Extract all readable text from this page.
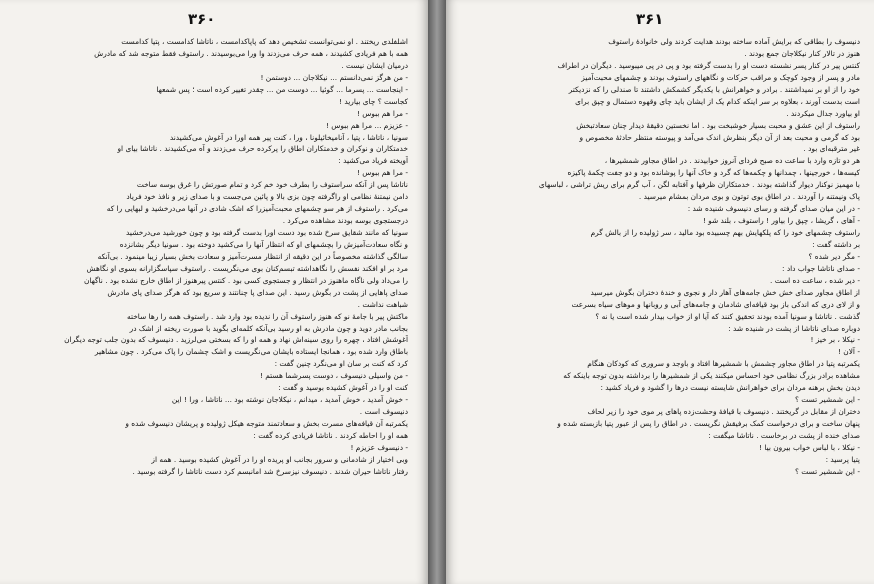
۳۶۰
اشلفلدی ریختند . او نمی‌توانست تشخیص دهد که پاپاکدامست ، ناتاشا کدامست ، پتیا کدامست
همه با هم فریادی کشیدند ، همه حرف می‌زدند وا ورا می‌بوسیدند . راستوف فقط متوجه شد که مادرش
درمیان ایشان نیست .
- من هرگز نمی‌دانستم ... نیکلاجان ... دوستمن !
- اینجاست ... پسرما ... گوئیا ... دوست من ... چقدر تغییر کرده است ؛ پس شمعها
کجاست ؟ چای بیارید !
- مرا هم ببوس !
- عزیزم ... مرا هم ببوس !
سونیا ، ناتاشا ، پتیا ، آنامیخائیلونا ، ورا ، کنت پیر همه اورا در آغوش می‌کشیدند
خدمتکاران و نوکران و خدمتکاران اطاق را پرکرده حرف می‌زدند و آه می‌کشیدند . ناتاشا بیای او
آویخته فریاد می‌کشید :
- مرا هم ببوس !
ناتاشا پس از آنکه سراستوف را بطرف خود خم کرد و تمام صورتش را غرق بوسه ساخت
دامن نیمتنهٔ نظامی او راگرفته چون بزی بالا و پائین می‌جست و با صدای زیر و نافذ خود فریاد
می‌کرد . راستوف از هر سو چشمهای محبت‌آمیزرا که اشک شادی در آنها می‌درخشید و لبهایی را که
درجستجوی بوسه بودند مشاهده می‌کرد .
سونیا که مانند شقایق سرخ شده بود دست اورا بدست گرفته بود و چون خورشید می‌درخشید
و نگاه سعادت‌آمیزش را بچشمهای او که انتظار آنها را می‌کشید دوخته بود . سونیا دیگر بشانزده
سالگی گذاشته مخصوصاً در این دقیقه از انتظار مسرت‌آمیز و سعادت بخش بسیار زیبا مینمود . بی‌آنکه
مرد بر او افکند نفسش را نگاهداشته تبسم‌کنان بوی می‌نگریست . راستوف سپاسگزارانه بسوی او نگاهش
را می‌داد ولی ناگاه ماهنوز در انتظار و جستجوی کسی بود . کنتس پیرهنوز از اطاق خارج نشده بود . ناگهان
صدای پاهایی از پشت در بگوش رسید . این صدای پا چنانتند و سریع بود که هرگز صدای پای مادرش
شباهت نداشت .
ماکتش پیر با جامهٔ نو که هنوز راستوف آن را ندیده بود وارد شد . راستوف همه را رها ساخته
بجانب مادر دوید و چون مادرش به او رسید بی‌آنکه کلمه‌ای بگوید با صورت ریخته از اشک در
آغوشش افتاد ، چهره را روی سینه‌اش نهاد و همه او را که بسختی می‌لرزید . دنیسوف که بدون جلب توجه دیگران
باطاق وارد شده بود ، همانجا ایستاده بایشان می‌نگریست و اشک چشمان را پاک می‌کرد . چون مشاهیر
کرد که کنت بر سان او می‌نگرد چنین گفت :
- من واسیلی دنیسوف ، دوست پسرشما هستم !
کنت او را در آغوش کشیده بوسید و گفت :
- خوش آمدید ، خوش آمدید ، میدانم ، نیکلاجان نوشته بود ... ناتاشا ، ورا ! این
دنیسوف است .
یکمرتبه آن قیافه‌های مسرت بخش و سعادتمند متوجه هیکل ژولیده و پریشان دنیسوف شده و
همه او را احاطه کردند . ناتاشا فریادی کرده گفت :
- دنیسوف عزیزم !
وبی اختیار از شادمانی و سرور بجانب او پریده او را در آغوش کشیده بوسید . همه از
رفتار ناتاشا حیران شدند . دنیسوف نیزسرخ شد امانبسم کرد دست ناتاشا را گرفته بوسید .
۳۶۱
دنیسوف را بطاقی که برایش آماده ساخته بودند هدایت کردند ولی خانوادهٔ راستوف
هنوز در تالار کنار نیکلاجان جمع بودند .
کنتس پیر در کنار پسر نشسته دست او را بدست گرفته بود و پی در پی میبوسید . دیگران در اطراف
مادر و پسر از وجود کوچک و مراقب حرکات و نگاههای راستوف بودند و چشمهای محبت‌آمیز
خود را از او بر نمیداشتند . برادر و خواهرانش با یکدیگر کشمکش داشتند تا صندلی را که نزدیکتر
است بدست آورند ، بعلاوه بر سر اینکه کدام یک از ایشان باید چای وقهوه دستمال و چپق برای
او بیاورد جدال میکردند .
راستوف از این عشق و محبت بسیار خوشبخت بود . اما نخستین دقیقهٔ دیدار چنان سعادتبخش
بود که گرمی و محبت بعد از آن دیگر بنظرش اندک می‌آمد و پیوسته منتظر حادثهٔ مخصوص و
غیر مترقبه‌ای بود .
هر دو تازه وارد با ساعت ده صبح فردای آنروز خوابیدند . در اطاق مجاور شمشیرها ،
کیسه‌ها ، خورجینها ، چمدانها و چکمه‌ها که گرد و خاک آنها را پوشانده بود و دو جفت چکمهٔ پاکیزه
با مهمیز نوکنار دیوار گذاشته بودند . خدمتکاران ظرفها و آفتابه لگن ، آب گرم برای ریش تراشی ، لباسهای
پاک ونیمتنه را آوردند . در اطاق بوی توتون و بوی مردان بمشام میرسید .
- در این میان صدای گرفته و رسای دنیسوف شنیده شد :
- آهای ، گریشا ، چپق را بیاور ! راستوف ، بلند شو !
راستوف چشمهای خود را که پلکهایش بهم چسبیده بود مالید ، سر ژولیده را از بالش گرم
بر داشته گفت :
- مگر دیر شده ؟
- صدای ناتاشا جواب داد :
- دیر شده ، ساعت ده است .
از اطاق مجاور صدای خش خش جامه‌های آهار دار و نجوی و خندهٔ دختران بگوش میرسید
و از لای دری که اندکی باز بود قیافه‌ای شادمان و جامه‌های آبی و روبانها و موهای سیاه بسرعت
گذشت . ناتاشا و سونیا آمده بودند تحقیق کنند که آیا او از خواب بیدار شده است یا نه ؟
دوباره صدای ناتاشا از پشت در شنیده شد :
- نیکلا ، بر خیز !
- آلان !
یکمرتبه پتیا در اطاق مجاور چشمش با شمشیرها افتاد و باوجد و سروری که کودکان هنگام
مشاهده برادر بزرگ نظامی خود احساس میکنند یکی از شمشیرها را برداشته بدون توجه باینکه که
دیدن بخش برهنه مردان برای خواهرانش شایسته نیست درها را گشود و فریاد کشید :
- این شمشیر تست ؟
دختران از مقابل در گریختند . دنیسوف با قیافهٔ وحشت‌زده پاهای پر موی خود را زیر لحاف
پنهان ساخت و برای درخواست کمک برفیقش نگریست . در اطاق را پس از عبور پتیا بازبسته شده و
صدای خنده از پشت در برخاست . ناتاشا میگفت :
- نیکلا ، با لباس خواب بیرون بیا !
پتیا پرسید :
- این شمشیر تست ؟
